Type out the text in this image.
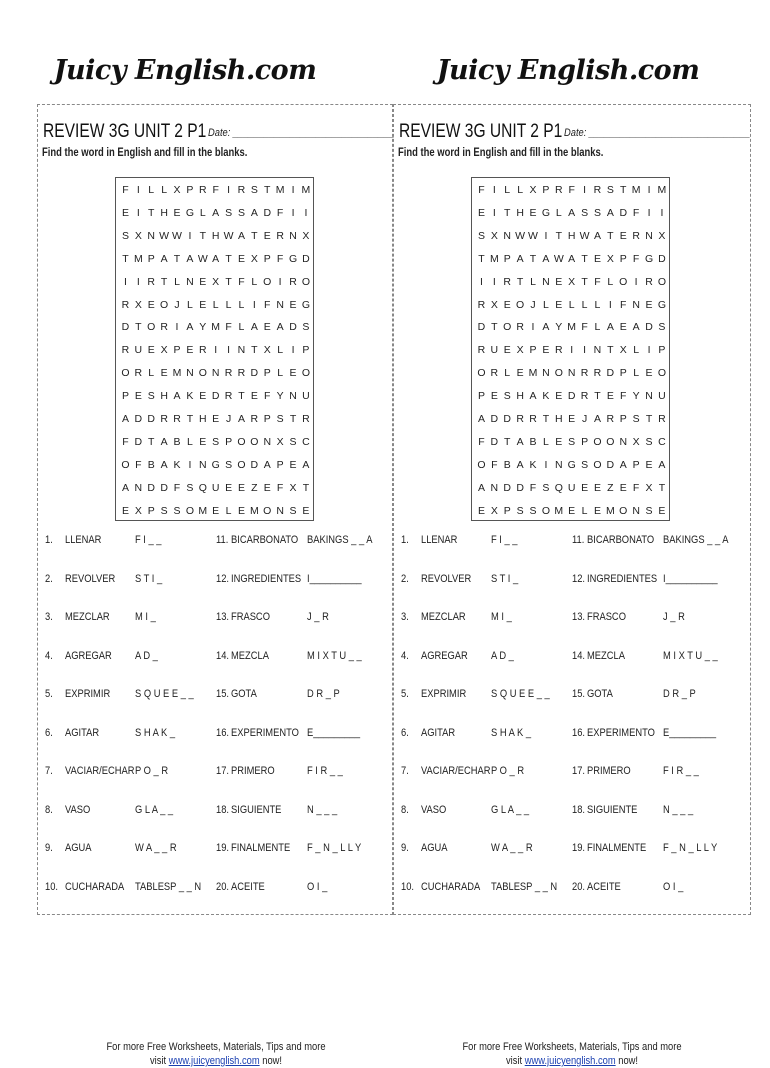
Juicy English.com
REVIEW 3G UNIT 2 P1 Date: _______________________________
Find the word in English and fill in the blanks.
F I L L X P R F I R S T M I M
E I T H E G L A S S A D F I I
S X N W W I T H W A T E R N X
T M P A T A W A T E X P F G D
I I R T L N E X T F L O I R O
R X E O J L E L L L I F N E G
D T O R I A Y M F L A E A D S
R U E X P E R I I N T X L I P
O R L E M N O N R R D P L E O
P E S H A K E D R T E F Y N U
A D D R R T H E J A R P S T R
F D T A B L E S P O O N X S C
O F B A K I N G S O D A P E A
A N D D F S Q U E E Z E F X T
E X P S S O M E L E M O N S E
1. LLENAR	F I _ _
2. REVOLVER S T I _
3. MEZCLAR M I _
4. AGREGAR A D _
5. EXPRIMIR S Q U E E _ _
6. AGITAR	S H A K _
7. VACIAR/ECHAR P O _ R
8. VASO	G L A _ _
9. AGUA	W A _ _ R
10. CUCHARADA TABLESP _ _ N
11. BICARBONATO BAKINGS _ _ A
12. INGREDIENTES I__________
13. FRASCO	J _ R
14. MEZCLA	M I X T U _ _
15. GOTA	D R _ P
16. EXPERIMENTO E_________
17. PRIMERO	F I R _ _
18. SIGUIENTE N _ _ _
19. FINALMENTE F _ N _ L L Y
20. ACEITE	O I _
For more Free Worksheets, Materials, Tips and more
visit www.juicyenglish.com now!
Juicy English.com
REVIEW 3G UNIT 2 P1 Date: _______________________________
Find the word in English and fill in the blanks.
F I L L X P R F I R S T M I M
E I T H E G L A S S A D F I I
S X N W W I T H W A T E R N X
T M P A T A W A T E X P F G D
I I R T L N E X T F L O I R O
R X E O J L E L L L I F N E G
D T O R I A Y M F L A E A D S
R U E X P E R I I N T X L I P
O R L E M N O N R R D P L E O
P E S H A K E D R T E F Y N U
A D D R R T H E J A R P S T R
F D T A B L E S P O O N X S C
O F B A K I N G S O D A P E A
A N D D F S Q U E E Z E F X T
E X P S S O M E L E M O N S E
1. LLENAR	F I _ _
2. REVOLVER S T I _
3. MEZCLAR M I _
4. AGREGAR A D _
5. EXPRIMIR S Q U E E _ _
6. AGITAR	S H A K _
7. VACIAR/ECHAR P O _ R
8. VASO	G L A _ _
9. AGUA	W A _ _ R
10. CUCHARADA TABLESP _ _ N
11. BICARBONATO BAKINGS _ _ A
12. INGREDIENTES I__________
13. FRASCO	J _ R
14. MEZCLA	M I X T U _ _
15. GOTA	D R _ P
16. EXPERIMENTO E_________
17. PRIMERO	F I R _ _
18. SIGUIENTE N _ _ _
19. FINALMENTE F _ N _ L L Y
20. ACEITE	O I _
For more Free Worksheets, Materials, Tips and more
visit www.juicyenglish.com now!
